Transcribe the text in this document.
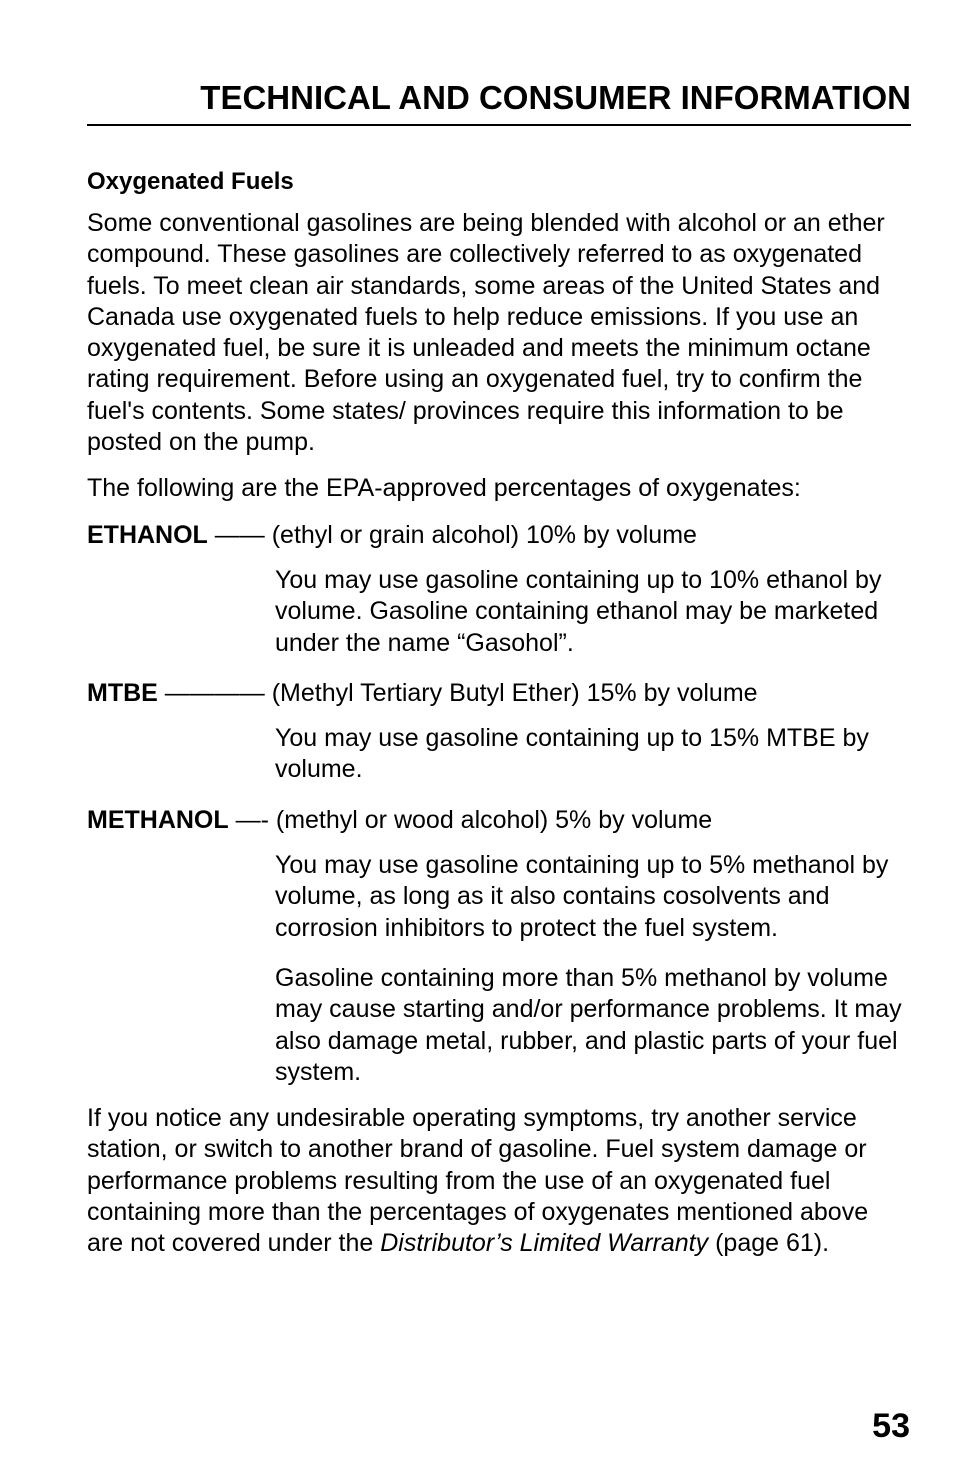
TECHNICAL AND CONSUMER INFORMATION
Oxygenated Fuels

Some conventional gasolines are being blended with alcohol or an ether compound. These gasolines are collectively referred to as oxygenated fuels. To meet clean air standards, some areas of the United States and Canada use oxygenated fuels to help reduce emissions. If you use an oxygenated fuel, be sure it is unleaded and meets the minimum octane rating requirement. Before using an oxygenated fuel, try to confirm the fuel's contents. Some states/ provinces require this information to be posted on the pump.

The following are the EPA-approved percentages of oxygenates:

ETHANOL —— (ethyl or grain alcohol) 10% by volume

You may use gasoline containing up to 10% ethanol by volume. Gasoline containing ethanol may be marketed under the name “Gasohol”.

MTBE ———— (Methyl Tertiary Butyl Ether) 15% by volume

You may use gasoline containing up to 15% MTBE by volume.

METHANOL —- (methyl or wood alcohol) 5% by volume

You may use gasoline containing up to 5% methanol by volume, as long as it also contains cosolvents and corrosion inhibitors to protect the fuel system.

Gasoline containing more than 5% methanol by volume may cause starting and/or performance problems. It may also damage metal, rubber, and plastic parts of your fuel system.

If you notice any undesirable operating symptoms, try another service station, or switch to another brand of gasoline. Fuel system damage or performance problems resulting from the use of an oxygenated fuel containing more than the percentages of oxygenates mentioned above are not covered under the Distributor’s Limited Warranty (page 61).

53
